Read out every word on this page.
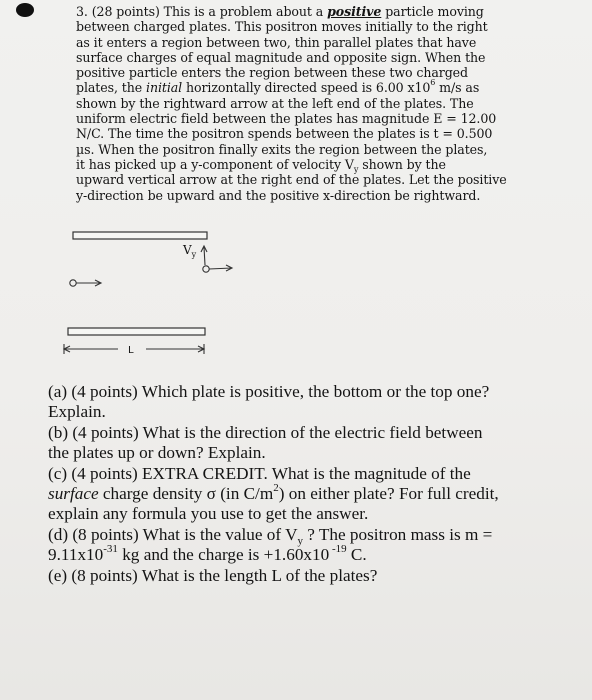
3. (28 points) This is a problem about a positive particle moving
between charged plates. This positron moves initially to the right
as it enters a region between two, thin parallel plates that have
surface charges of equal magnitude and opposite sign. When the
positive particle enters the region between these two charged
plates, the initial horizontally directed speed is 6.00 $x10^6$ m/s as
shown by the rightward arrow at the left end of the plates. The
uniform electric field between the plates has magnitude E = 12.00
N/C. The time the positron spends between the plates is t = 0.500
µs. When the positron finally exits the region between the plates,
it has picked up a y-component of velocity $V_y$ shown by the
upward vertical arrow at the right end of the plates. Let the positive
y-direction be upward and the positive x-direction be rightward.
$V_y$
L
(a) (4 points) Which plate is positive, the bottom or the top one?
Explain.
(b) (4 points) What is the direction of the electric field between
the plates up or down? Explain.
(c) (4 points) EXTRA CREDIT. What is the magnitude of the
surface charge density σ (in $C/m^2$) on either plate? For full credit,
explain any formula you use to get the answer.
(d) (8 points) What is the value of $V_y$ ? The positron mass is m =
$9.11x10^{-31}$ kg and the charge is +1.60x10 $^{-19}$ C.
(e) (8 points) What is the length L of the plates?
